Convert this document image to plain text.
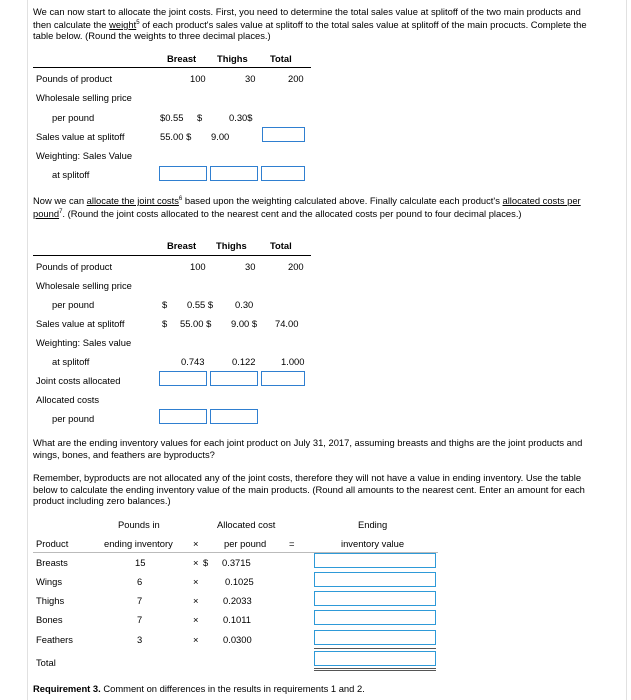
We can now start to allocate the joint costs. First, you need to determine the total sales value at splitoff of the two main products and then calculate the weight$^5$ of each product's sales value at splitoff to the total sales value at splitoff of the main procucts. Complete the table below. (Round the weights to three decimal places.)
Breast Thighs Total
Pounds of product	100	30	200
Wholesale selling price
per pound	$0.55 $	0.30$
Sales value at splitoff	55.00 $ 9.00
Weighting: Sales Value
at splitoff
Now we can allocate the joint costs$^6$ based upon the weighting calculated above. Finally calculate each product's allocated costs per pound$^7$. (Round the joint costs allocated to the nearest cent and the allocated costs per pound to four decimal places.)
Breast Thighs Total
Pounds of product	100	30	200
Wholesale selling price
per pound	$ 0.55 $ 0.30
Sales value at splitoff	$ 55.00 $ 9.00 $ 74.00
Weighting: Sales value
at splitoff	0.743	0.122	1.000
Joint costs allocated
Allocated costs
per pound
What are the ending inventory values for each joint product on July 31, 2017, assuming breasts and thighs are the joint products and wings, bones, and feathers are byproducts?
Remember, byproducts are not allocated any of the joint costs, therefore they will not have a value in ending inventory. Use the table below to calculate the ending inventory value of the main products. (Round all amounts to the nearest cent. Enter an amount for each product including zero balances.)
Pounds in	Allocated cost	Ending
Product	ending inventory ×	per pound =	inventory value
Breasts	15	× $ 0.3715
Wings	6	×	0.1025
Thighs	7	×	0.2033
Bones	7	×	0.1011
Feathers	3	×	0.0300
Total
Requirement 3. Comment on differences in the results in requirements 1 and 2.
